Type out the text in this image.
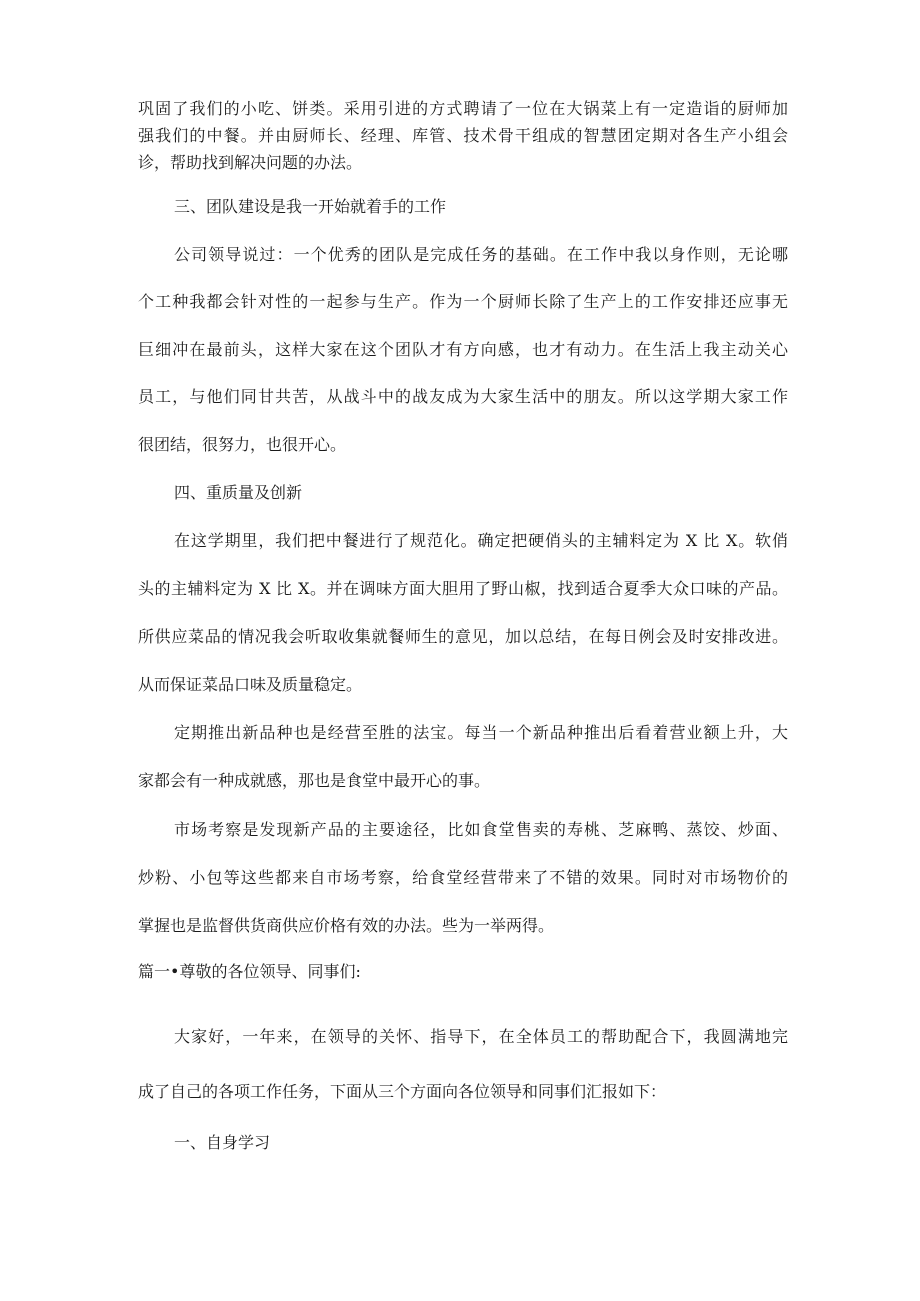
巩固了我们的小吃、饼类。采用引进的方式聘请了一位在大锅菜上有一定造诣的厨师加
强我们的中餐。并由厨师长、经理、库管、技术骨干组成的智慧团定期对各生产小组会
诊，帮助找到解决问题的办法。
三、团队建设是我一开始就着手的工作
公司领导说过：一个优秀的团队是完成任务的基础。在工作中我以身作则，无论哪
个工种我都会针对性的一起参与生产。作为一个厨师长除了生产上的工作安排还应事无
巨细冲在最前头，这样大家在这个团队才有方向感，也才有动力。在生活上我主动关心
员工，与他们同甘共苦，从战斗中的战友成为大家生活中的朋友。所以这学期大家工作
很团结，很努力，也很开心。
四、重质量及创新
在这学期里，我们把中餐进行了规范化。确定把硬俏头的主辅料定为 X 比 X。软俏
头的主辅料定为 X 比 X。并在调味方面大胆用了野山椒，找到适合夏季大众口味的产品。
所供应菜品的情况我会听取收集就餐师生的意见，加以总结，在每日例会及时安排改进。
从而保证菜品口味及质量稳定。
定期推出新品种也是经营至胜的法宝。每当一个新品种推出后看着营业额上升，大
家都会有一种成就感，那也是食堂中最开心的事。
市场考察是发现新产品的主要途径，比如食堂售卖的寿桃、芝麻鸭、蒸饺、炒面、
炒粉、小包等这些都来自市场考察，给食堂经营带来了不错的效果。同时对市场物价的
掌握也是监督供货商供应价格有效的办法。些为一举两得。
篇一•尊敬的各位领导、同事们:
大家好，一年来，在领导的关怀、指导下，在全体员工的帮助配合下，我圆满地完
成了自己的各项工作任务，下面从三个方面向各位领导和同事们汇报如下：
一、自身学习
